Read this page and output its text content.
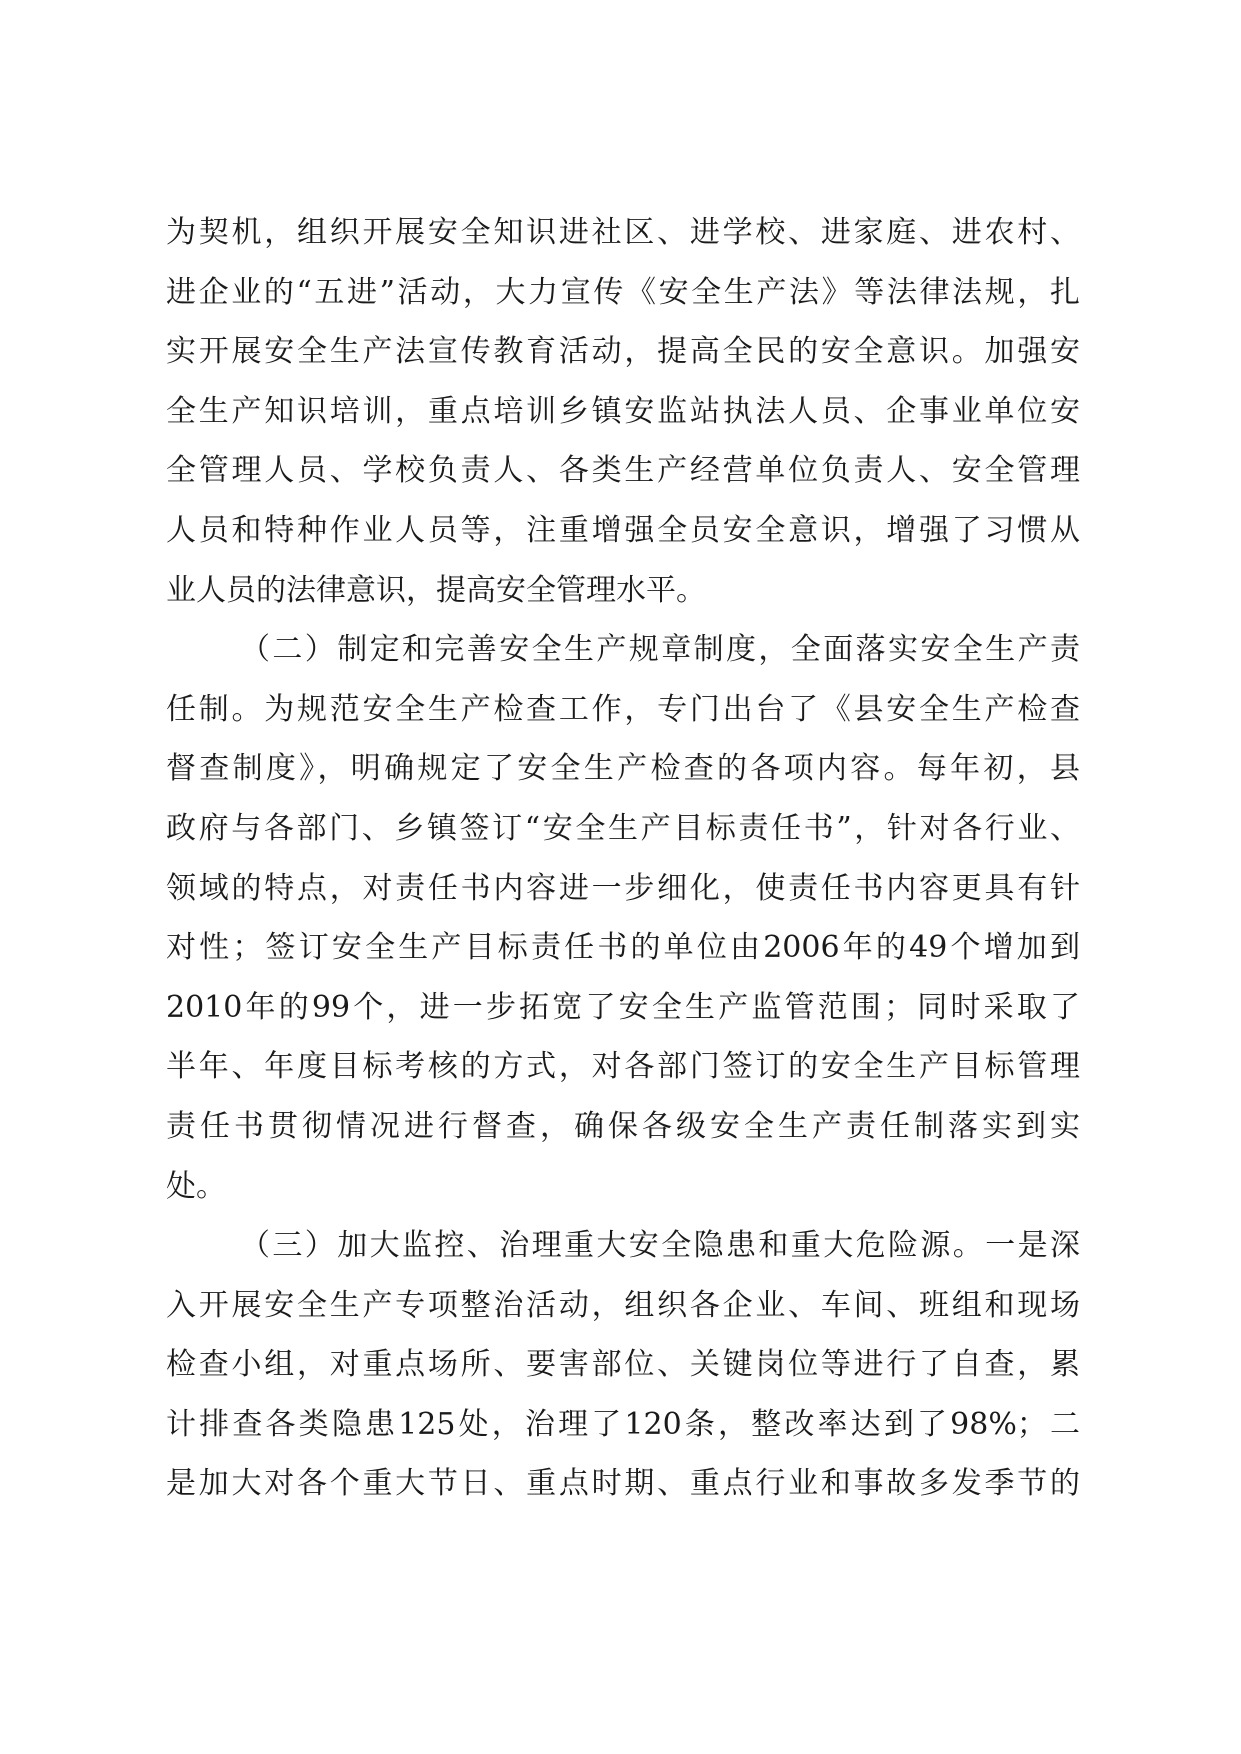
为契机，组织开展安全知识进社区、进学校、进家庭、进农村、
进企业的“五进”活动，大力宣传《安全生产法》等法律法规，扎
实开展安全生产法宣传教育活动，提高全民的安全意识。加强安
全生产知识培训，重点培训乡镇安监站执法人员、企事业单位安
全管理人员、学校负责人、各类生产经营单位负责人、安全管理
人员和特种作业人员等，注重增强全员安全意识，增强了习惯从
业人员的法律意识，提高安全管理水平。
（二）制定和完善安全生产规章制度，全面落实安全生产责
任制。为规范安全生产检查工作，专门出台了《县安全生产检查
督查制度》，明确规定了安全生产检查的各项内容。每年初，县
政府与各部门、乡镇签订“安全生产目标责任书”，针对各行业、
领域的特点，对责任书内容进一步细化，使责任书内容更具有针
对性；签订安全生产目标责任书的单位由2006年的49个增加到
2010年的99个，进一步拓宽了安全生产监管范围；同时采取了
半年、年度目标考核的方式，对各部门签订的安全生产目标管理
责任书贯彻情况进行督查，确保各级安全生产责任制落实到实
处。
（三）加大监控、治理重大安全隐患和重大危险源。一是深
入开展安全生产专项整治活动，组织各企业、车间、班组和现场
检查小组，对重点场所、要害部位、关键岗位等进行了自查，累
计排查各类隐患125处，治理了120条，整改率达到了98%；二
是加大对各个重大节日、重点时期、重点行业和事故多发季节的
